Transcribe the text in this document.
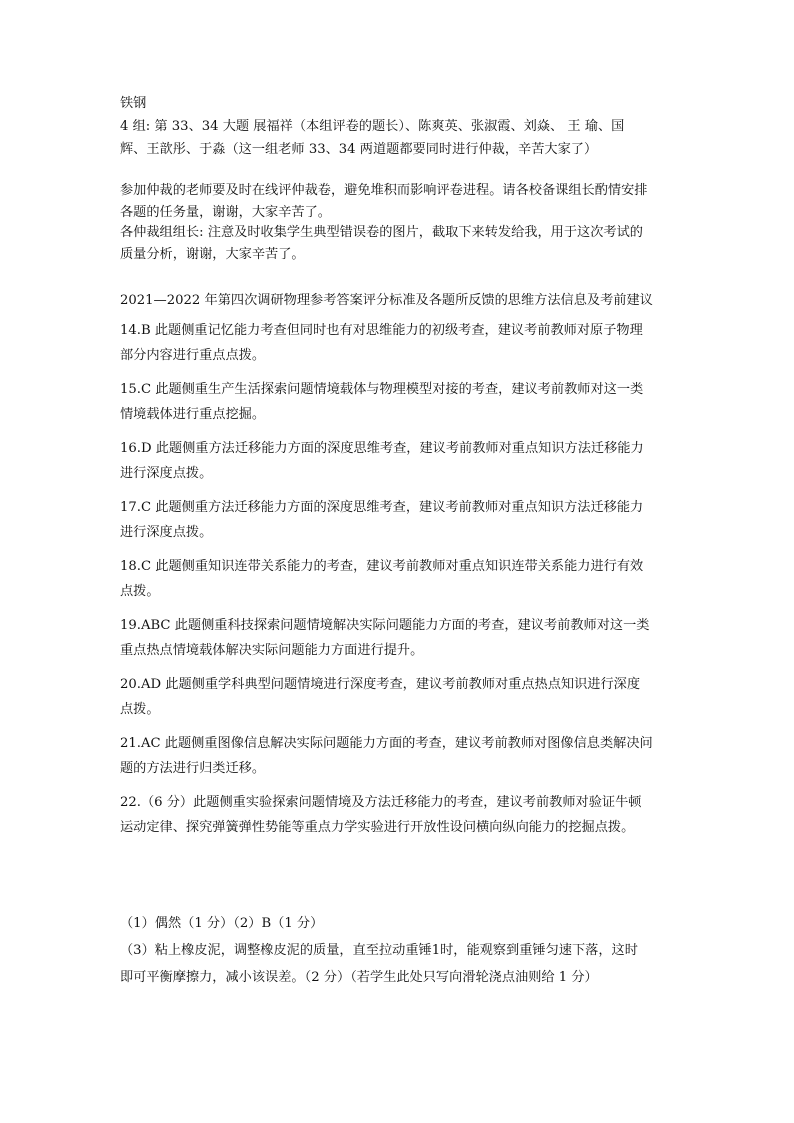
铁钢
4 组: 第 33、34 大题 展福祥（本组评卷的题长）、陈爽英、张淑霞、刘焱、 王 瑜、国
辉、王歆彤、于淼（这一组老师 33、34 两道题都要同时进行仲裁，辛苦大家了）
参加仲裁的老师要及时在线评仲裁卷，避免堆积而影响评卷进程。请各校备课组长酌情安排
各题的任务量，谢谢，大家辛苦了。
各仲裁组组长: 注意及时收集学生典型错误卷的图片，截取下来转发给我，用于这次考试的
质量分析，谢谢，大家辛苦了。
2021—2022 年第四次调研物理参考答案评分标准及各题所反馈的思维方法信息及考前建议
14.B 此题侧重记忆能力考查但同时也有对思维能力的初级考查，建议考前教师对原子物理
部分内容进行重点点拨。
15.C 此题侧重生产生活探索问题情境载体与物理模型对接的考查，建议考前教师对这一类
情境载体进行重点挖掘。
16.D 此题侧重方法迁移能力方面的深度思维考查，建议考前教师对重点知识方法迁移能力
进行深度点拨。
17.C 此题侧重方法迁移能力方面的深度思维考查，建议考前教师对重点知识方法迁移能力
进行深度点拨。
18.C 此题侧重知识连带关系能力的考查，建议考前教师对重点知识连带关系能力进行有效
点拨。
19.ABC 此题侧重科技探索问题情境解决实际问题能力方面的考查，建议考前教师对这一类
重点热点情境载体解决实际问题能力方面进行提升。
20.AD 此题侧重学科典型问题情境进行深度考查，建议考前教师对重点热点知识进行深度
点拨。
21.AC 此题侧重图像信息解决实际问题能力方面的考查，建议考前教师对图像信息类解决问
题的方法进行归类迁移。
22.（6 分）此题侧重实验探索问题情境及方法迁移能力的考查，建议考前教师对验证牛顿
运动定律、探究弹簧弹性势能等重点力学实验进行开放性设问横向纵向能力的挖掘点拨。
（1）偶然（1 分）（2）B（1 分）
（3）粘上橡皮泥，调整橡皮泥的质量，直至拉动重锤1时，能观察到重锤匀速下落，这时
即可平衡摩擦力，减小该误差。（2 分）（若学生此处只写向滑轮浇点油则给 1 分）
